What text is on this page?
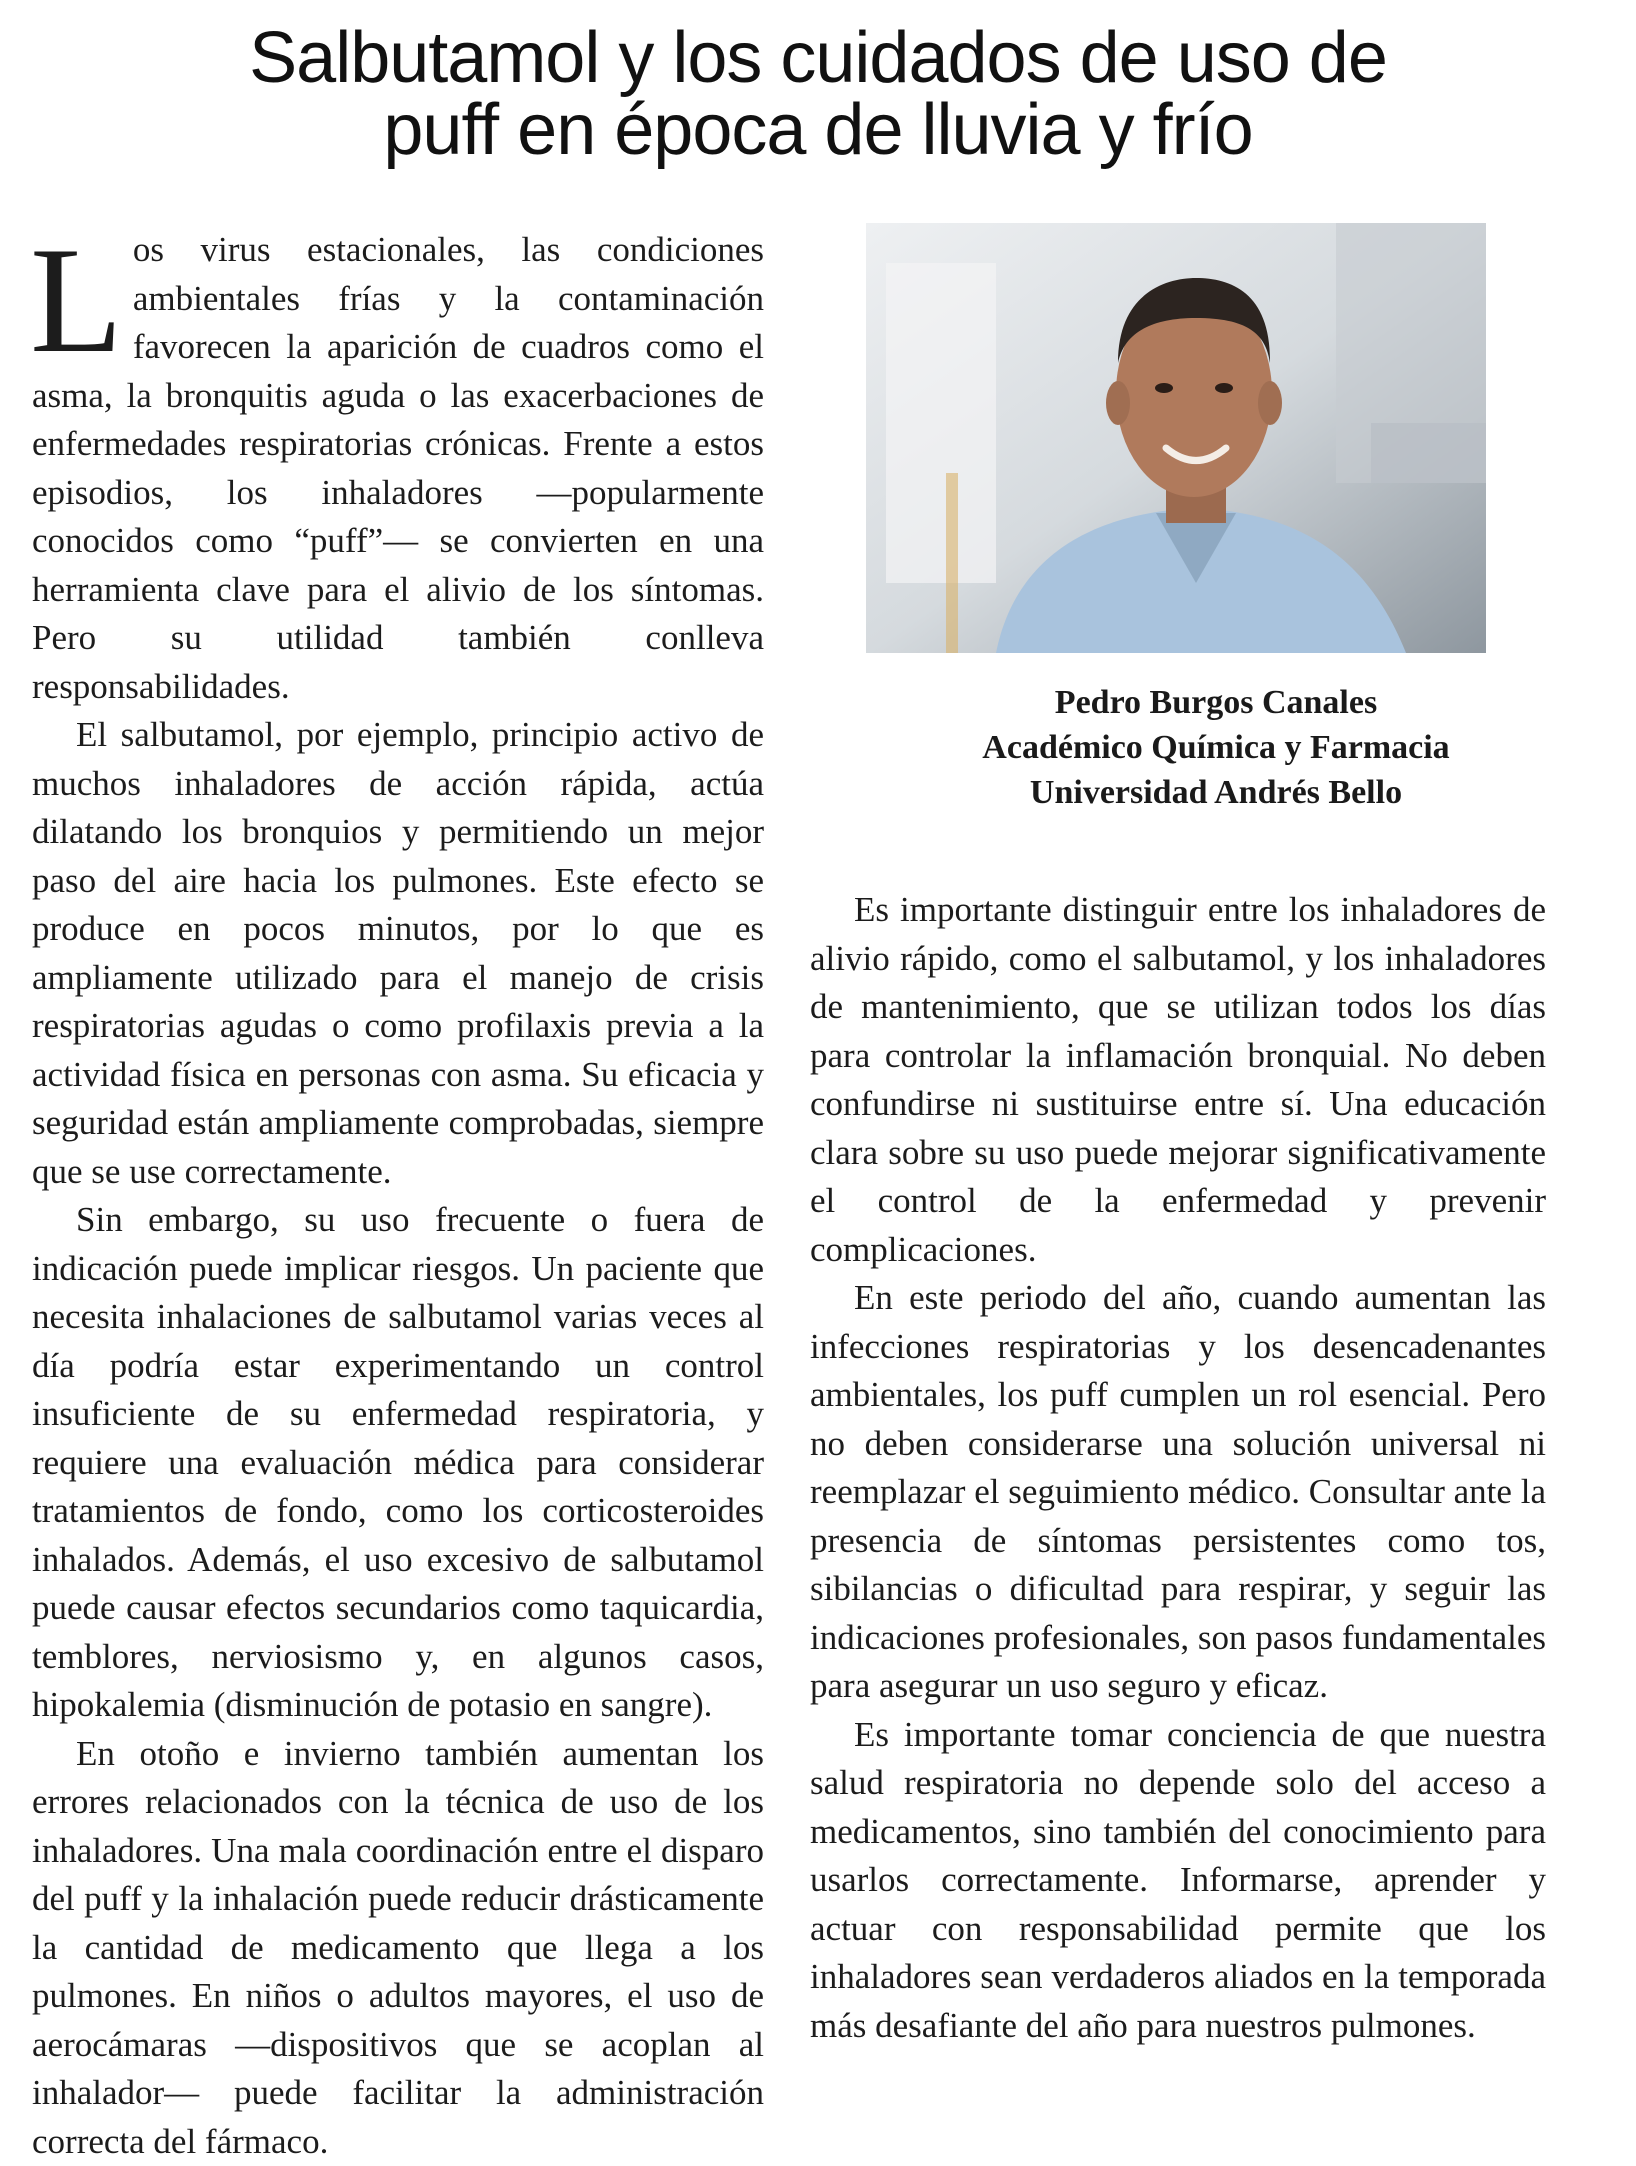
Salbutamol y los cuidados de uso de
puff en época de lluvia y frío

Los virus estacionales, las condiciones ambientales frías y la contaminación favorecen la aparición de cuadros como el asma, la bronquitis aguda o las exacerbaciones de enfermedades respiratorias crónicas. Frente a estos episodios, los inhaladores —popularmente conocidos como “puff”— se convierten en una herramienta clave para el alivio de los síntomas. Pero su utilidad también conlleva responsabilidades.

El salbutamol, por ejemplo, principio activo de muchos inhaladores de acción rápida, actúa dilatando los bronquios y permitiendo un mejor paso del aire hacia los pulmones. Este efecto se produce en pocos minutos, por lo que es ampliamente utilizado para el manejo de crisis respiratorias agudas o como profilaxis previa a la actividad física en personas con asma. Su eficacia y seguridad están ampliamente comprobadas, siempre que se use correctamente.

Sin embargo, su uso frecuente o fuera de indicación puede implicar riesgos. Un paciente que necesita inhalaciones de salbutamol varias veces al día podría estar experimentando un control insuficiente de su enfermedad respiratoria, y requiere una evaluación médica para considerar tratamientos de fondo, como los corticosteroides inhalados. Además, el uso excesivo de salbutamol puede causar efectos secundarios como taquicardia, temblores, nerviosismo y, en algunos casos, hipokalemia (disminución de potasio en sangre).

En otoño e invierno también aumentan los errores relacionados con la técnica de uso de los inhaladores. Una mala coordinación entre el disparo del puff y la inhalación puede reducir drásticamente la cantidad de medicamento que llega a los pulmones. En niños o adultos mayores, el uso de aerocámaras —dispositivos que se acoplan al inhalador— puede facilitar la administración correcta del fármaco.

Pedro Burgos Canales
Académico Química y Farmacia
Universidad Andrés Bello

Es importante distinguir entre los inhaladores de alivio rápido, como el salbutamol, y los inhaladores de mantenimiento, que se utilizan todos los días para controlar la inflamación bronquial. No deben confundirse ni sustituirse entre sí. Una educación clara sobre su uso puede mejorar significativamente el control de la enfermedad y prevenir complicaciones.

En este periodo del año, cuando aumentan las infecciones respiratorias y los desencadenantes ambientales, los puff cumplen un rol esencial. Pero no deben considerarse una solución universal ni reemplazar el seguimiento médico. Consultar ante la presencia de síntomas persistentes como tos, sibilancias o dificultad para respirar, y seguir las indicaciones profesionales, son pasos fundamentales para asegurar un uso seguro y eficaz.

Es importante tomar conciencia de que nuestra salud respiratoria no depende solo del acceso a medicamentos, sino también del conocimiento para usarlos correctamente. Informarse, aprender y actuar con responsabilidad permite que los inhaladores sean verdaderos aliados en la temporada más desafiante del año para nuestros pulmones.
